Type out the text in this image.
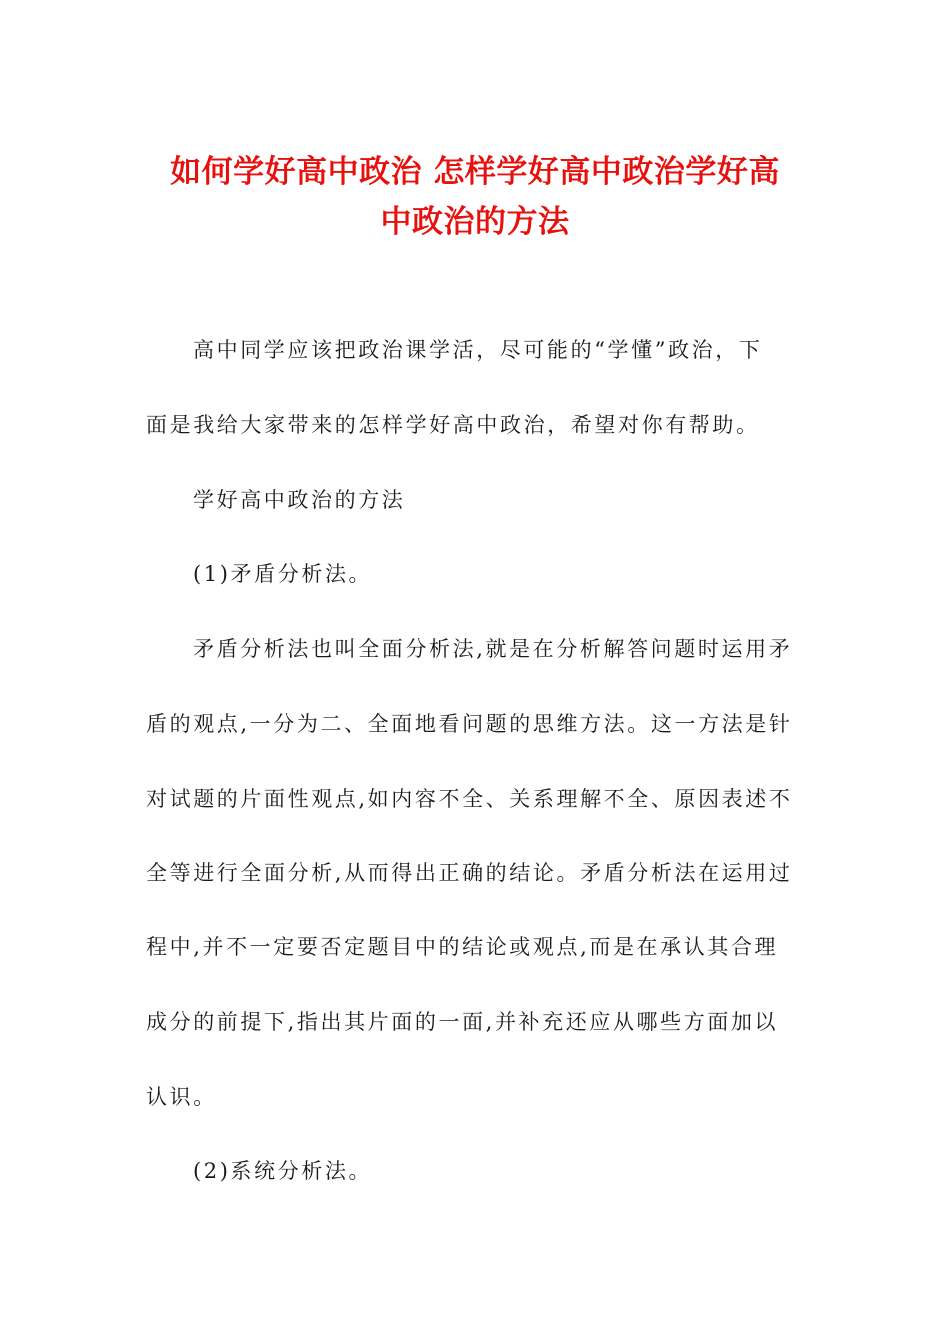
如何学好高中政治 怎样学好高中政治学好高
中政治的方法

高中同学应该把政治课学活，尽可能的“学懂”政治，下

面是我给大家带来的怎样学好高中政治，希望对你有帮助。

学好高中政治的方法

(1)矛盾分析法。

矛盾分析法也叫全面分析法,就是在分析解答问题时运用矛

盾的观点,一分为二、全面地看问题的思维方法。这一方法是针

对试题的片面性观点,如内容不全、关系理解不全、原因表述不

全等进行全面分析,从而得出正确的结论。矛盾分析法在运用过

程中,并不一定要否定题目中的结论或观点,而是在承认其合理

成分的前提下,指出其片面的一面,并补充还应从哪些方面加以

认识。

(2)系统分析法。
